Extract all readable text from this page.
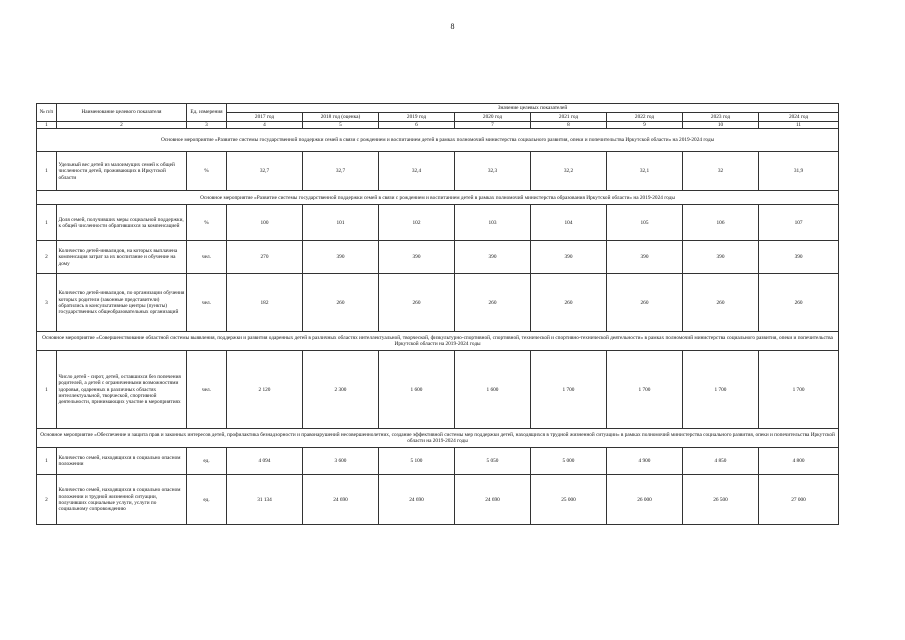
8
№ п/п	Наименование целевого показателя	Ед. измерения	Значение целевых показателей							
			2017 год	2018 год (оценка)	2019 год	2020 год	2021 год	2022 год	2023 год	2024 год
1	2	3	4	5	6	7	8	9	10	11
Основное мероприятие «Развитие системы государственной поддержки семей в связи с рождением и воспитанием детей в рамках полномочий министерства социального развития, опеки и попечительства Иркутской области» на 2019-2024 годы										
1	Удельный вес детей из малоимущих семей к общей численности детей, проживающих в Иркутской области	%	32,7	32,7	32,4	32,3	32,2	32,1	32	31,9
Основное мероприятие «Развитие системы государственной поддержки семей в связи с рождением и воспитанием детей в рамках полномочий министерства образования Иркутской области» на 2019-2024 годы										
1	Доля семей, получивших меры социальной поддержки, к общей численности обратившихся за компенсацией	%	100	101	102	103	104	105	106	107
2	Количество детей-инвалидов, на которых выплачена компенсация затрат за их воспитание и обучение на дому	чел.	270	390	390	390	390	390	390	390
3	Количество детей-инвалидов, по организации обучения которых родители (законные представители) обратились в консультативные центры (пункты) государственных общеобразовательных организаций	чел.	182	260	260	260	260	260	260	260
Основное мероприятие «Совершенствование областной системы выявления, поддержки и развития одаренных детей в различных областях интеллектуальной, творческой, физкультурно-спортивной, спортивной, технической и спортивно-технической деятельности» в рамках полномочий министерства социального развития, опеки и попечительства Иркутской области на 2019-2024 годы										
1	Число детей - сирот, детей, оставшихся без попечения родителей, а детей с ограниченными возможностями здоровья, одаренных в различных областях интеллектуальной, творческой, спортивной деятельности, принимающих участие в мероприятиях	чел.	2 120	2 300	1 600	1 600	1 700	1 700	1 700	1 700
Основное мероприятие «Обеспечение и защита прав и законных интересов детей, профилактика безнадзорности и правонарушений несовершеннолетних, создание эффективной системы мер поддержки детей, находящихся в трудной жизненной ситуации» в рамках полномочий министерства социального развития, опеки и попечительства Иркутской области на 2019-2024 годы										
1	Количество семей, находящихся в социально опасном положении	ед.	4 094	3 600	5 100	5 050	5 000	4 900	4 850	4 800
2	Количество семей, находящихся в социально опасном положении и трудной жизненной ситуации, получивших социальные услуги, услуги по социальному сопровождению	ед.	31 134	24 690	24 690	24 690	25 000	26 000	26 500	27 000
